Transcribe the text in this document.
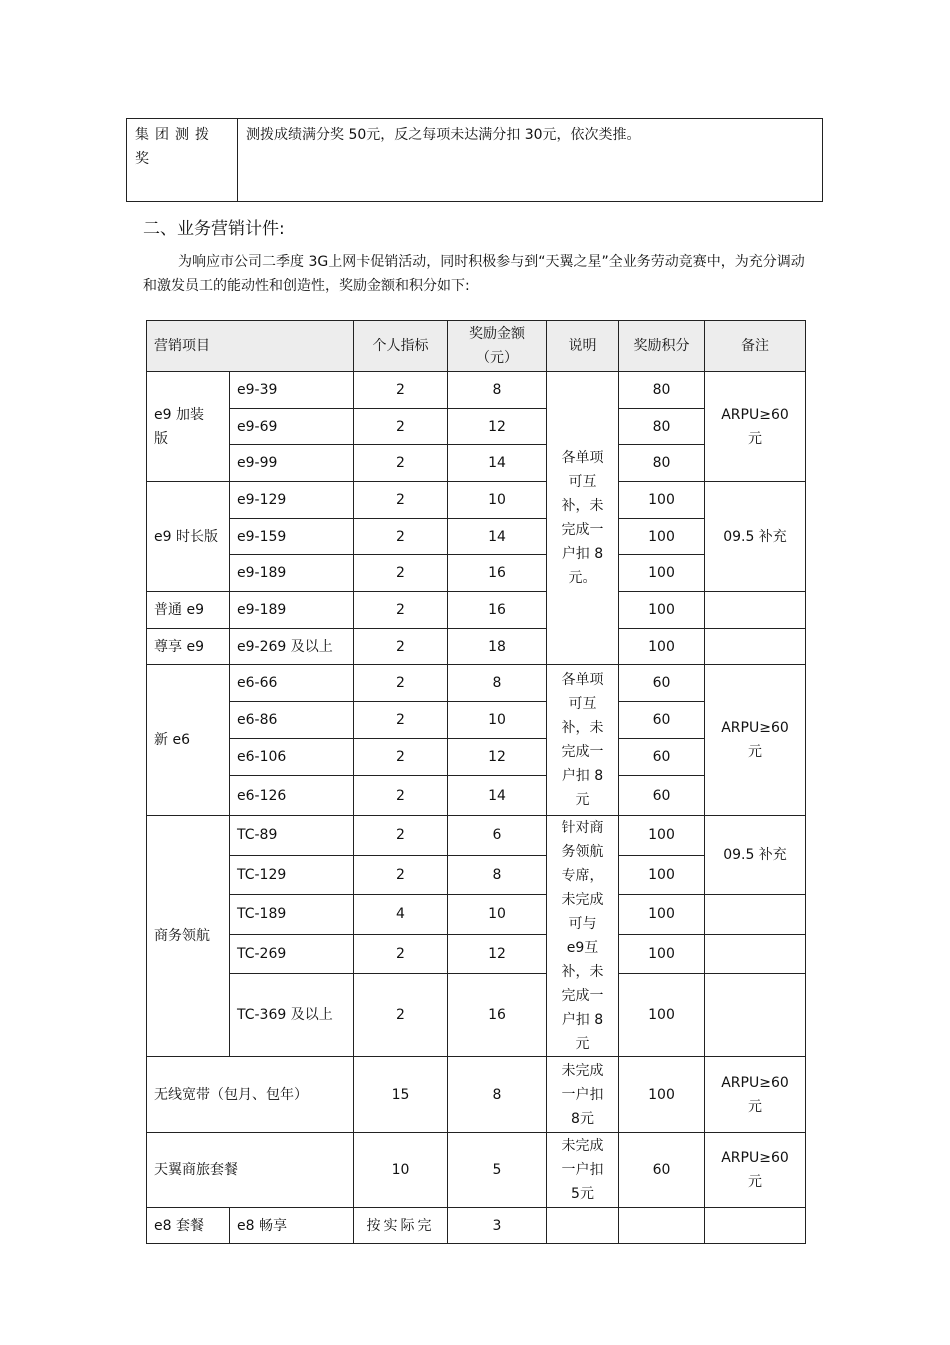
集团测拨奖	测拨成绩满分奖 50元，反之每项未达满分扣 30元，依次类推。
二、业务营销计件:
为响应市公司二季度 3G上网卡促销活动，同时积极参与到“天翼之星”全业务劳动竞赛中，为充分调动和激发员工的能动性和创造性，奖励金额和积分如下:
营销项目		个人指标	奖励金额（元）	说明	奖励积分	备注
e9 加装版	e9-39	2	8	各单项可互补，未完成一户扣 8元。	80	ARPU≥60元
	e9-69	2	12		80	
	e9-99	2	14		80	
e9 时长版	e9-129	2	10		100	09.5 补充
	e9-159	2	14		100	
	e9-189	2	16		100	
普通 e9	e9-189	2	16		100	
尊享 e9	e9-269 及以上	2	18		100	
新 e6	e6-66	2	8	各单项可互补，未完成一户扣 8元	60	ARPU≥60元
	e6-86	2	10		60	
	e6-106	2	12		60	
	e6-126	2	14		60	
商务领航	TC-89	2	6	针对商务领航专席，未完成可与 e9互补，未完成一户扣 8元	100	09.5 补充
	TC-129	2	8		100	
	TC-189	4	10		100	
	TC-269	2	12		100	
	TC-369 及以上	2	16		100	
无线宽带（包月、包年）		15	8	未完成一户扣 8元	100	ARPU≥60元
天翼商旅套餐		10	5	未完成一户扣 5元	60	ARPU≥60元
e8 套餐	e8 畅享	按实际完	3			
